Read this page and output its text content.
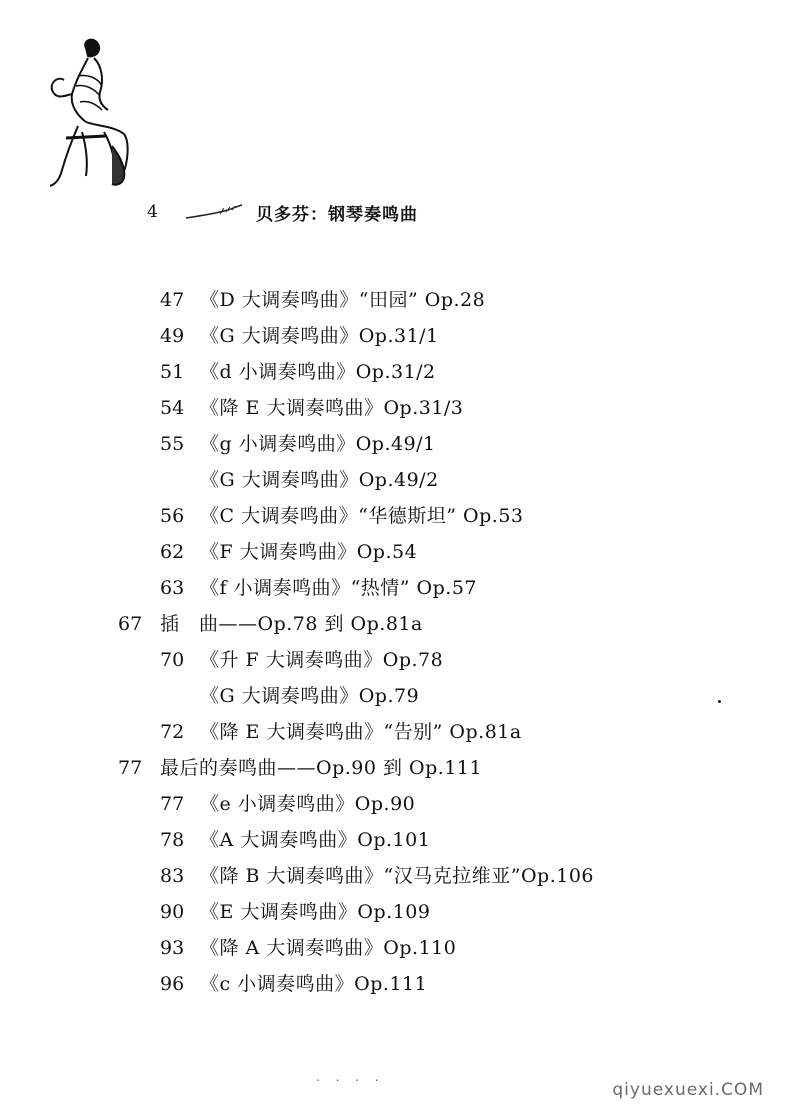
4	贝多芬：钢琴奏鸣曲
47 《D 大调奏鸣曲》“田园” Op.28
49 《G 大调奏鸣曲》Op.31/1
51 《d 小调奏鸣曲》Op.31/2
54 《降 E 大调奏鸣曲》Op.31/3
55 《g 小调奏鸣曲》Op.49/1
《G 大调奏鸣曲》Op.49/2
56 《C 大调奏鸣曲》“华德斯坦” Op.53
62 《F 大调奏鸣曲》Op.54
63 《f 小调奏鸣曲》“热情” Op.57
67 插　曲——Op.78 到 Op.81a
70 《升 F 大调奏鸣曲》Op.78
《G 大调奏鸣曲》Op.79
72 《降 E 大调奏鸣曲》“告别” Op.81a
77 最后的奏鸣曲——Op.90 到 Op.111
77 《e 小调奏鸣曲》Op.90
78 《A 大调奏鸣曲》Op.101
83 《降 B 大调奏鸣曲》“汉马克拉维亚”Op.106
90 《E 大调奏鸣曲》Op.109
93 《降 A 大调奏鸣曲》Op.110
96 《c 小调奏鸣曲》Op.111
. . . .
qiyuexuexi.COM
